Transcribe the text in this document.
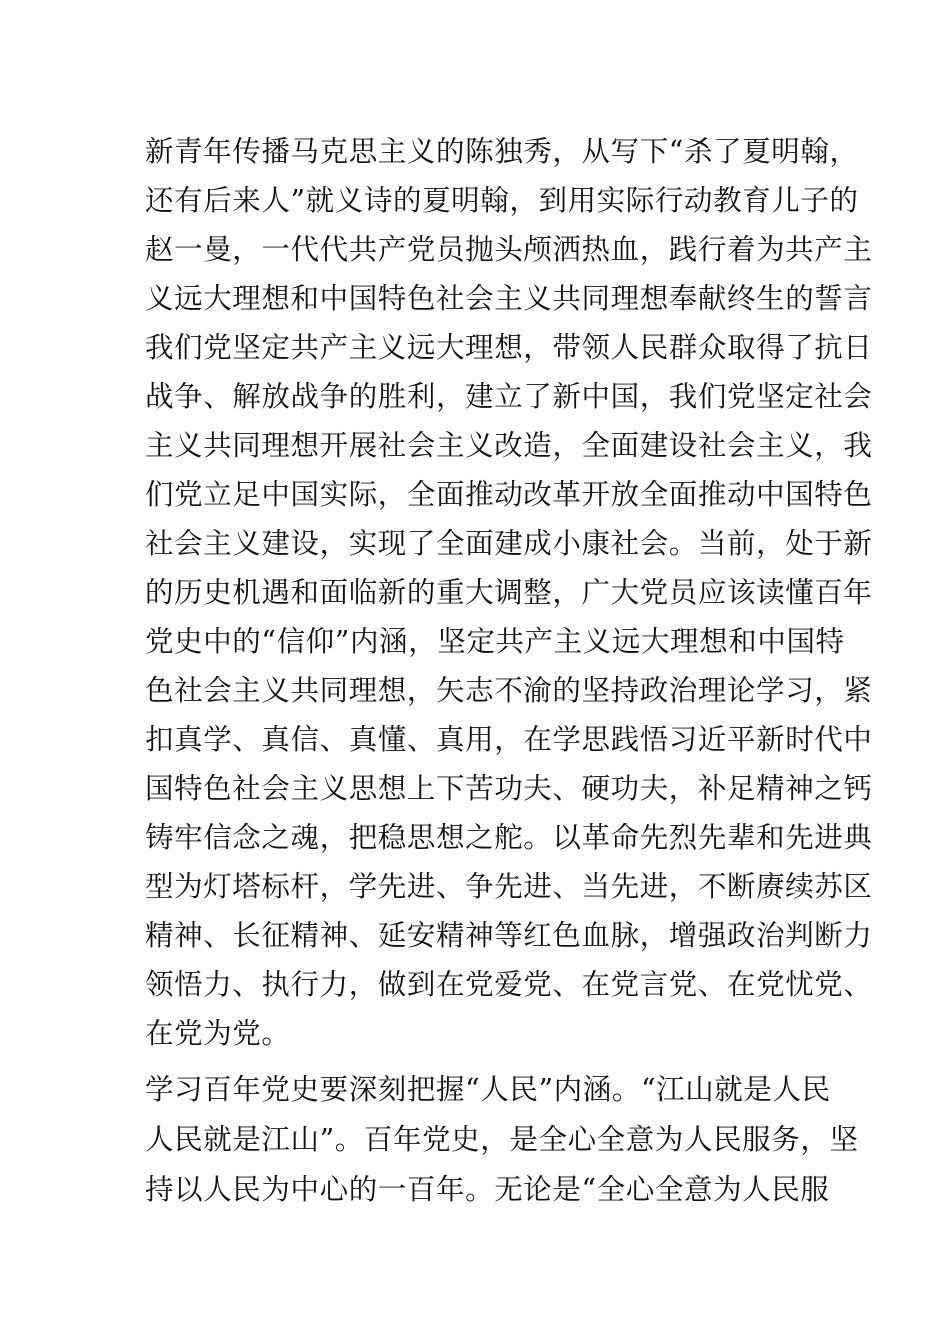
新青年传播马克思主义的陈独秀，从写下“杀了夏明翰，
还有后来人”就义诗的夏明翰，到用实际行动教育儿子的
赵一曼，一代代共产党员抛头颅洒热血，践行着为共产主
义远大理想和中国特色社会主义共同理想奉献终生的誓言
我们党坚定共产主义远大理想，带领人民群众取得了抗日
战争、解放战争的胜利，建立了新中国，我们党坚定社会
主义共同理想开展社会主义改造，全面建设社会主义，我
们党立足中国实际，全面推动改革开放全面推动中国特色
社会主义建设，实现了全面建成小康社会。当前，处于新
的历史机遇和面临新的重大调整，广大党员应该读懂百年
党史中的“信仰”内涵，坚定共产主义远大理想和中国特
色社会主义共同理想，矢志不渝的坚持政治理论学习，紧
扣真学、真信、真懂、真用，在学思践悟习近平新时代中
国特色社会主义思想上下苦功夫、硬功夫，补足精神之钙
铸牢信念之魂，把稳思想之舵。以革命先烈先辈和先进典
型为灯塔标杆，学先进、争先进、当先进，不断赓续苏区
精神、长征精神、延安精神等红色血脉，增强政治判断力
领悟力、执行力，做到在党爱党、在党言党、在党忧党、
在党为党。
学习百年党史要深刻把握“人民”内涵。“江山就是人民
人民就是江山”。百年党史，是全心全意为人民服务，坚
持以人民为中心的一百年。无论是“全心全意为人民服
